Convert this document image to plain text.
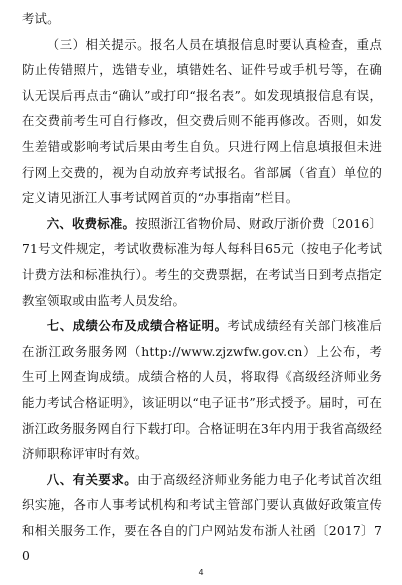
考试。

（三）相关提示。报名人员在填报信息时要认真检查，重点防止传错照片，选错专业，填错姓名、证件号或手机号等，在确认无误后再点击“确认”或打印“报名表”。如发现填报信息有误，在交费前考生可自行修改，但交费后则不能再修改。否则，如发生差错或影响考试后果由考生自负。只进行网上信息填报但未进行网上交费的，视为自动放弃考试报名。省部属（省直）单位的定义请见浙江人事考试网首页的“办事指南”栏目。

六、收费标准。按照浙江省物价局、财政厅浙价费〔2016〕71号文件规定，考试收费标准为每人每科目65元（按电子化考试计费方法和标准执行）。考生的交费票据，在考试当日到考点指定教室领取或由监考人员发给。

七、成绩公布及成绩合格证明。考试成绩经有关部门核准后在浙江政务服务网（http://www.zjzwfw.gov.cn）上公布，考生可上网查询成绩。成绩合格的人员，将取得《高级经济师业务能力考试合格证明》，该证明以“电子证书”形式授予。届时，可在浙江政务服务网自行下载打印。合格证明在3年内用于我省高级经济师职称评审时有效。

八、有关要求。由于高级经济师业务能力电子化考试首次组织实施，各市人事考试机构和考试主管部门要认真做好政策宣传和相关服务工作，要在各自的门户网站发布浙人社函〔2017〕70

4
